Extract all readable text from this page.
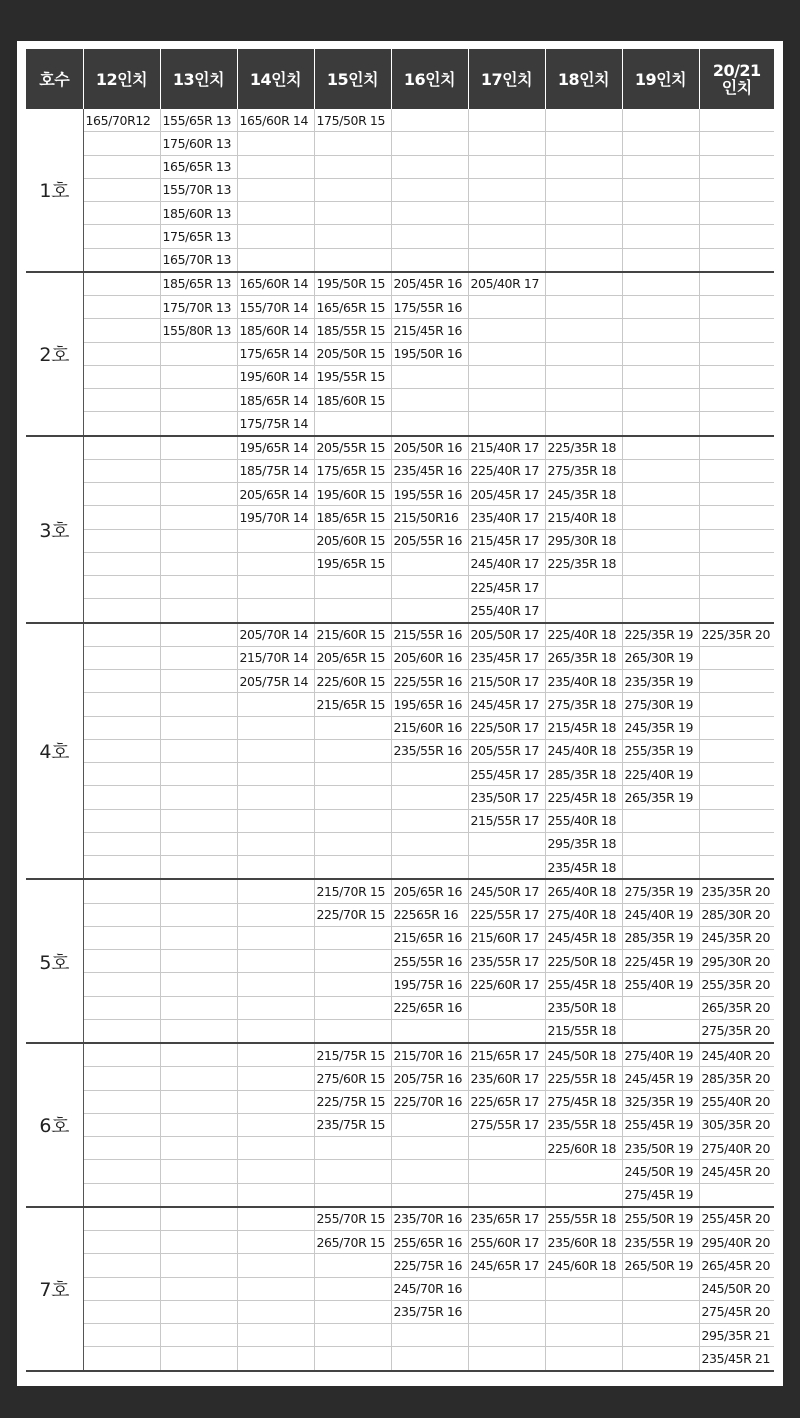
호수	12인치	13인치	14인치	15인치	16인치	17인치	18인치	19인치	20/21
인치
1호	165/70R12	155/65R 13	165/60R 14	175/50R 15					
		175/60R 13							
		165/65R 13							
		155/70R 13							
		185/60R 13							
		175/65R 13							
		165/70R 13							
2호		185/65R 13	165/60R 14	195/50R 15	205/45R 16	205/40R 17			
		175/70R 13	155/70R 14	165/65R 15	175/55R 16				
		155/80R 13	185/60R 14	185/55R 15	215/45R 16				
			175/65R 14	205/50R 15	195/50R 16				
			195/60R 14	195/55R 15					
			185/65R 14	185/60R 15					
			175/75R 14						
3호			195/65R 14	205/55R 15	205/50R 16	215/40R 17	225/35R 18		
			185/75R 14	175/65R 15	235/45R 16	225/40R 17	275/35R 18		
			205/65R 14	195/60R 15	195/55R 16	205/45R 17	245/35R 18		
			195/70R 14	185/65R 15	215/50R16	235/40R 17	215/40R 18		
				205/60R 15	205/55R 16	215/45R 17	295/30R 18		
				195/65R 15		245/40R 17	225/35R 18		
						225/45R 17			
						255/40R 17			
4호			205/70R 14	215/60R 15	215/55R 16	205/50R 17	225/40R 18	225/35R 19	225/35R 20
			215/70R 14	205/65R 15	205/60R 16	235/45R 17	265/35R 18	265/30R 19	
			205/75R 14	225/60R 15	225/55R 16	215/50R 17	235/40R 18	235/35R 19	
				215/65R 15	195/65R 16	245/45R 17	275/35R 18	275/30R 19	
					215/60R 16	225/50R 17	215/45R 18	245/35R 19	
					235/55R 16	205/55R 17	245/40R 18	255/35R 19	
						255/45R 17	285/35R 18	225/40R 19	
						235/50R 17	225/45R 18	265/35R 19	
						215/55R 17	255/40R 18		
							295/35R 18		
							235/45R 18		
5호				215/70R 15	205/65R 16	245/50R 17	265/40R 18	275/35R 19	235/35R 20
				225/70R 15	22565R 16	225/55R 17	275/40R 18	245/40R 19	285/30R 20
					215/65R 16	215/60R 17	245/45R 18	285/35R 19	245/35R 20
					255/55R 16	235/55R 17	225/50R 18	225/45R 19	295/30R 20
					195/75R 16	225/60R 17	255/45R 18	255/40R 19	255/35R 20
					225/65R 16		235/50R 18		265/35R 20
							215/55R 18		275/35R 20
6호				215/75R 15	215/70R 16	215/65R 17	245/50R 18	275/40R 19	245/40R 20
				275/60R 15	205/75R 16	235/60R 17	225/55R 18	245/45R 19	285/35R 20
				225/75R 15	225/70R 16	225/65R 17	275/45R 18	325/35R 19	255/40R 20
				235/75R 15		275/55R 17	235/55R 18	255/45R 19	305/35R 20
							225/60R 18	235/50R 19	275/40R 20
								245/50R 19	245/45R 20
								275/45R 19	
7호				255/70R 15	235/70R 16	235/65R 17	255/55R 18	255/50R 19	255/45R 20
				265/70R 15	255/65R 16	255/60R 17	235/60R 18	235/55R 19	295/40R 20
					225/75R 16	245/65R 17	245/60R 18	265/50R 19	265/45R 20
					245/70R 16				245/50R 20
					235/75R 16				275/45R 20
									295/35R 21
									235/45R 21
